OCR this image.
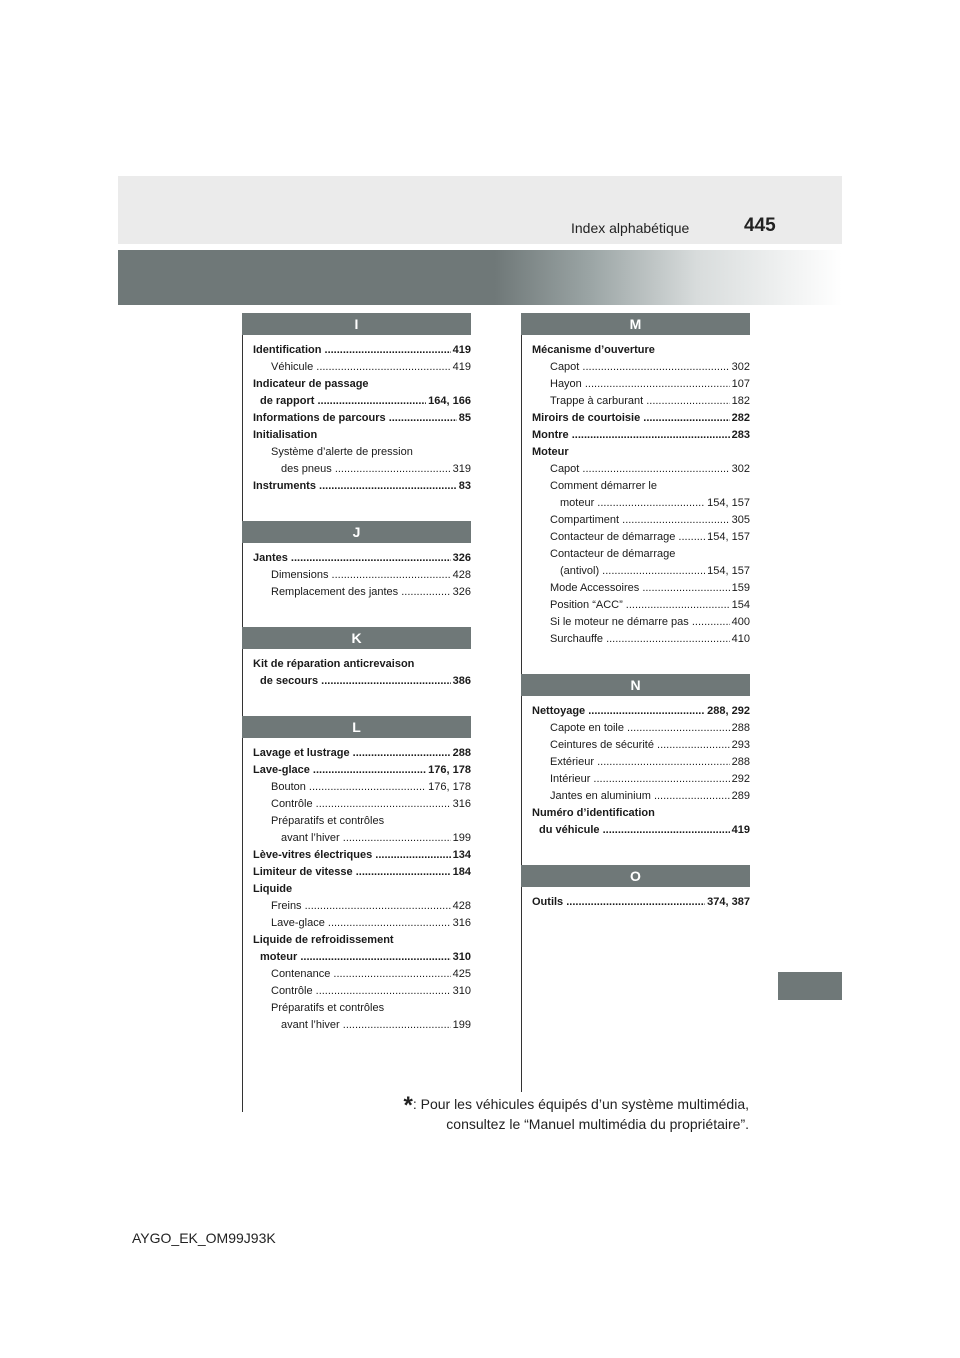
Index alphabétique	445
I
Identification .....	419
Véhicule .....	419
Indicateur de passage
de rapport .....	164, 166
Informations de parcours .....	85
Initialisation
Système d’alerte de pression
des pneus .....	319
Instruments .....	83
J
Jantes .....	326
Dimensions .....	428
Remplacement des jantes .....	326
K
Kit de réparation anticrevaison
de secours .....	386
L
Lavage et lustrage .....	288
Lave-glace .....	176, 178
Bouton .....	176, 178
Contrôle .....	316
Préparatifs et contrôles
avant l’hiver .....	199
Lève-vitres électriques .....	134
Limiteur de vitesse .....	184
Liquide
Freins .....	428
Lave-glace .....	316
Liquide de refroidissement
moteur .....	310
Contenance .....	425
Contrôle .....	310
Préparatifs et contrôles
avant l’hiver .....	199
M
Mécanisme d’ouverture
Capot .....	302
Hayon .....	107
Trappe à carburant .....	182
Miroirs de courtoisie .....	282
Montre .....	283
Moteur
Capot .....	302
Comment démarrer le
moteur .....	154, 157
Compartiment .....	305
Contacteur de démarrage .....	154, 157
Contacteur de démarrage
(antivol) .....	154, 157
Mode Accessoires .....	159
Position “ACC” .....	154
Si le moteur ne démarre pas .....	400
Surchauffe .....	410
N
Nettoyage .....	288, 292
Capote en toile .....	288
Ceintures de sécurité .....	293
Extérieur .....	288
Intérieur .....	292
Jantes en aluminium .....	289
Numéro d’identification
du véhicule .....	419
O
Outils .....	374, 387
*: Pour les véhicules équipés d’un système multimédia,
consultez le “Manuel multimédia du propriétaire”.
AYGO_EK_OM99J93K
